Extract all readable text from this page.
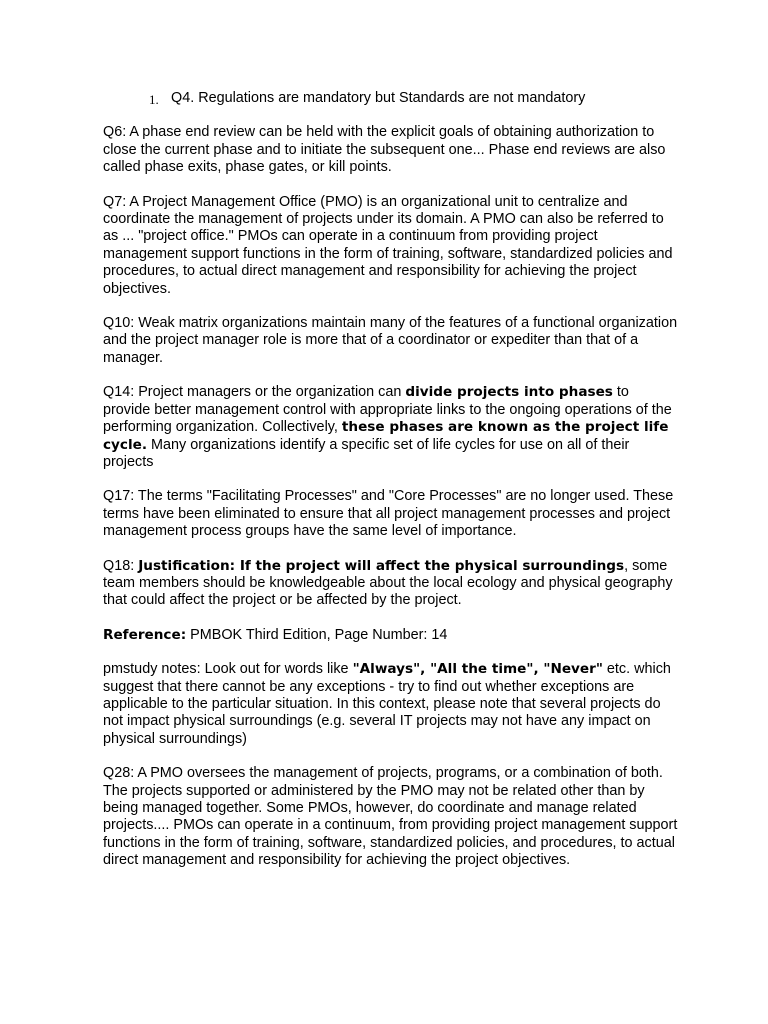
1. Q4. Regulations are mandatory but Standards are not mandatory

Q6: A phase end review can be held with the explicit goals of obtaining authorization to close the current phase and to initiate the subsequent one... Phase end reviews are also called phase exits, phase gates, or kill points.

Q7: A Project Management Office (PMO) is an organizational unit to centralize and coordinate the management of projects under its domain. A PMO can also be referred to as ... "project office." PMOs can operate in a continuum from providing project management support functions in the form of training, software, standardized policies and procedures, to actual direct management and responsibility for achieving the project objectives.

Q10: Weak matrix organizations maintain many of the features of a functional organization and the project manager role is more that of a coordinator or expediter than that of a manager.

Q14: Project managers or the organization can divide projects into phases to provide better management control with appropriate links to the ongoing operations of the performing organization. Collectively, these phases are known as the project life cycle. Many organizations identify a specific set of life cycles for use on all of their projects

Q17: The terms "Facilitating Processes" and "Core Processes" are no longer used. These terms have been eliminated to ensure that all project management processes and project management process groups have the same level of importance.

Q18: Justification: If the project will affect the physical surroundings, some team members should be knowledgeable about the local ecology and physical geography that could affect the project or be affected by the project.

Reference: PMBOK Third Edition, Page Number: 14

pmstudy notes: Look out for words like "Always", "All the time", "Never" etc. which suggest that there cannot be any exceptions - try to find out whether exceptions are applicable to the particular situation. In this context, please note that several projects do not impact physical surroundings (e.g. several IT projects may not have any impact on physical surroundings)

Q28: A PMO oversees the management of projects, programs, or a combination of both. The projects supported or administered by the PMO may not be related other than by being managed together. Some PMOs, however, do coordinate and manage related projects.... PMOs can operate in a continuum, from providing project management support functions in the form of training, software, standardized policies, and procedures, to actual direct management and responsibility for achieving the project objectives.
